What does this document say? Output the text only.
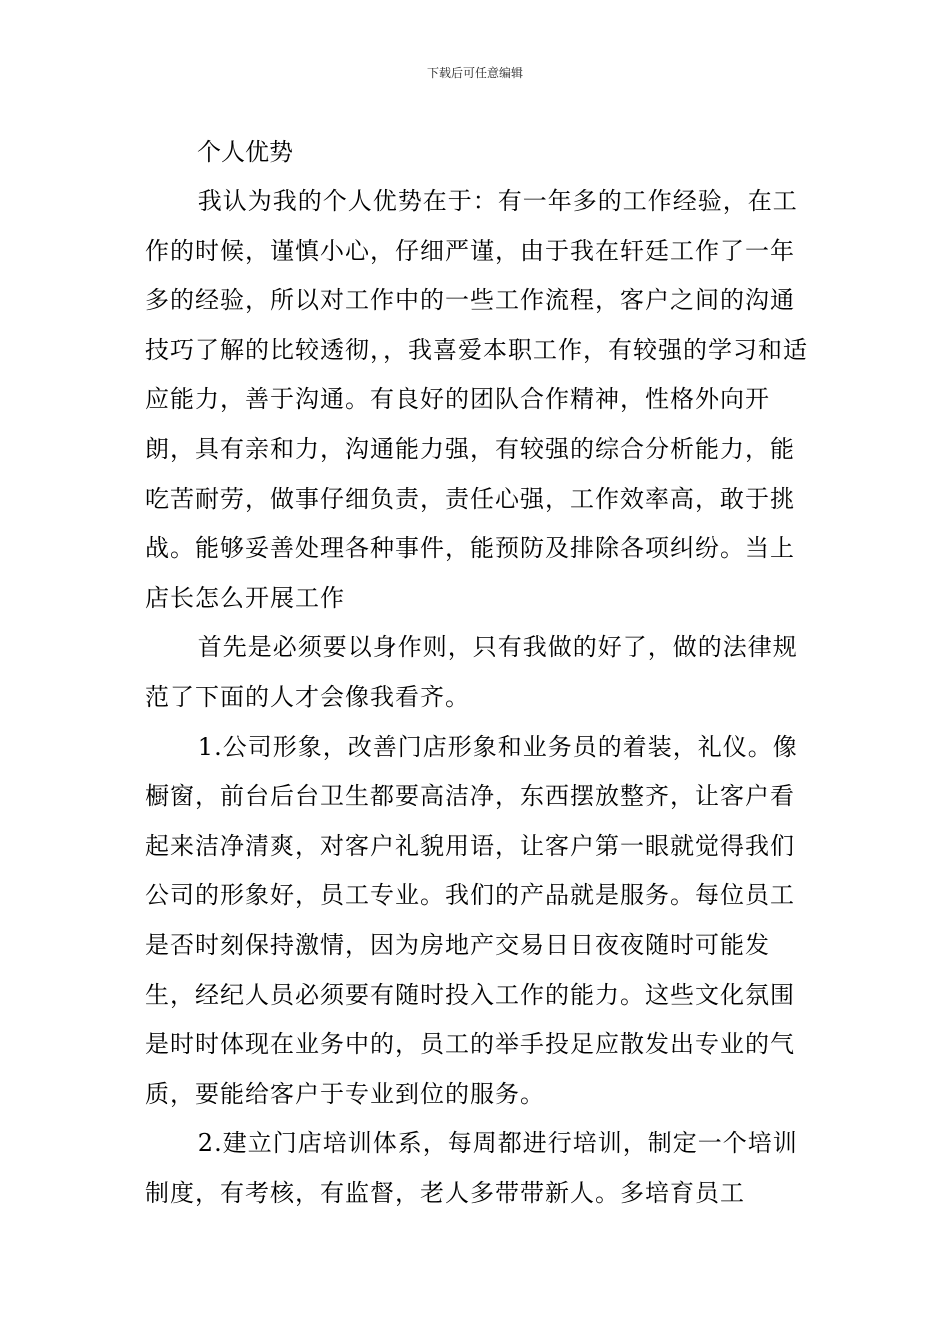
下载后可任意编辑
个人优势

我认为我的个人优势在于：有一年多的工作经验，在工作的时候，谨慎小心，仔细严谨，由于我在轩廷工作了一年多的经验，所以对工作中的一些工作流程，客户之间的沟通技巧了解的比较透彻，，我喜爱本职工作，有较强的学习和适应能力，善于沟通。有良好的团队合作精神，性格外向开朗，具有亲和力，沟通能力强，有较强的综合分析能力，能吃苦耐劳，做事仔细负责，责任心强，工作效率高，敢于挑战。能够妥善处理各种事件，能预防及排除各项纠纷。当上店长怎么开展工作

首先是必须要以身作则，只有我做的好了，做的法律规范了下面的人才会像我看齐。

1.公司形象，改善门店形象和业务员的着装，礼仪。像橱窗，前台后台卫生都要高洁净，东西摆放整齐，让客户看起来洁净清爽，对客户礼貌用语，让客户第一眼就觉得我们公司的形象好，员工专业。我们的产品就是服务。每位员工是否时刻保持激情，因为房地产交易日日夜夜随时可能发生，经纪人员必须要有随时投入工作的能力。这些文化氛围是时时体现在业务中的，员工的举手投足应散发出专业的气质，要能给客户于专业到位的服务。

2.建立门店培训体系，每周都进行培训，制定一个培训制度，有考核，有监督，老人多带带新人。多培育员工
